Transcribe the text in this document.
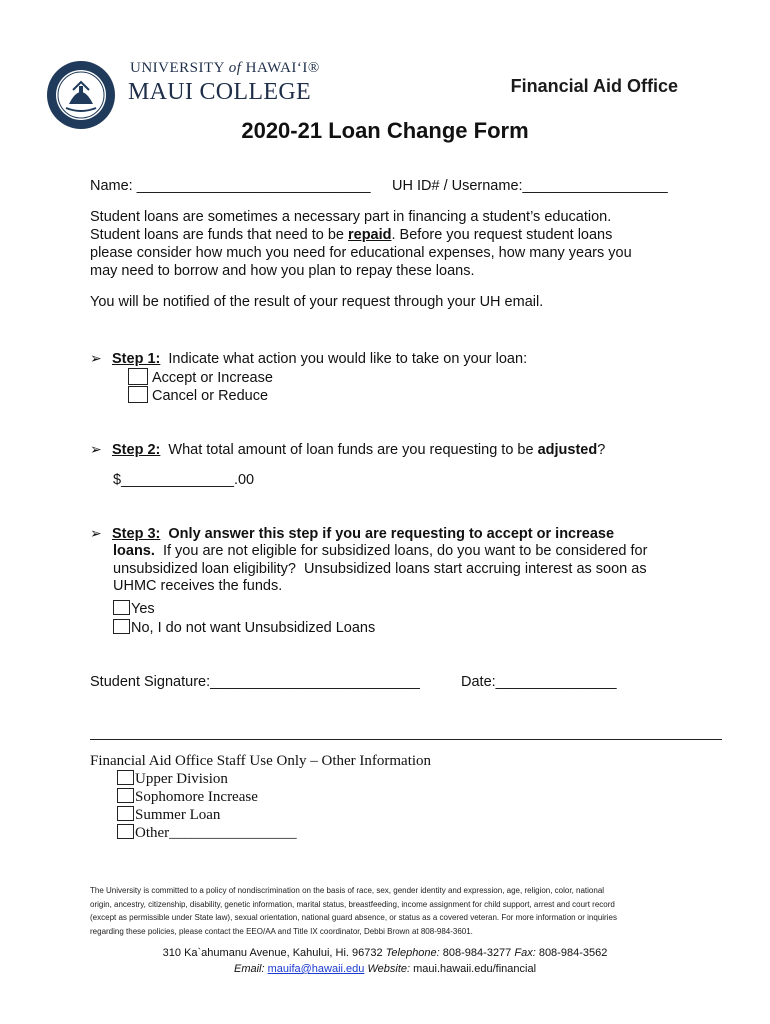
UNIVERSITY of HAWAI‘I®
MAUI COLLEGE	Financial Aid Office
2020-21 Loan Change Form
Name: _____________________________ UH ID# / Username:__________________
Student loans are sometimes a necessary part in financing a student’s education.
Student loans are funds that need to be repaid. Before you request student loans
please consider how much you need for educational expenses, how many years you
may need to borrow and how you plan to repay these loans.
You will be notified of the result of your request through your UH email.
➢ Step 1:  Indicate what action you would like to take on your loan:
Accept or Increase
Cancel or Reduce
➢ Step 2:  What total amount of loan funds are you requesting to be adjusted?
$______________.00
➢ Step 3:  Only answer this step if you are requesting to accept or increase
loans.  If you are not eligible for subsidized loans, do you want to be considered for
unsubsidized loan eligibility?  Unsubsidized loans start accruing interest as soon as
UHMC receives the funds.
Yes
No, I do not want Unsubsidized Loans
Student Signature:__________________________	Date:_______________
Financial Aid Office Staff Use Only – Other Information
Upper Division
Sophomore Increase
Summer Loan
Other_________________
The University is committed to a policy of nondiscrimination on the basis of race, sex, gender identity and expression, age, religion, color, national
origin, ancestry, citizenship, disability, genetic information, marital status, breastfeeding, income assignment for child support, arrest and court record
(except as permissible under State law), sexual orientation, national guard absence, or status as a covered veteran. For more information or inquiries
regarding these policies, please contact the EEO/AA and Title IX coordinator, Debbi Brown at 808-984-3601.
310 Ka`ahumanu Avenue, Kahului, Hi. 96732 Telephone: 808-984-3277 Fax: 808-984-3562
Email: mauifa@hawaii.edu Website: maui.hawaii.edu/financial
